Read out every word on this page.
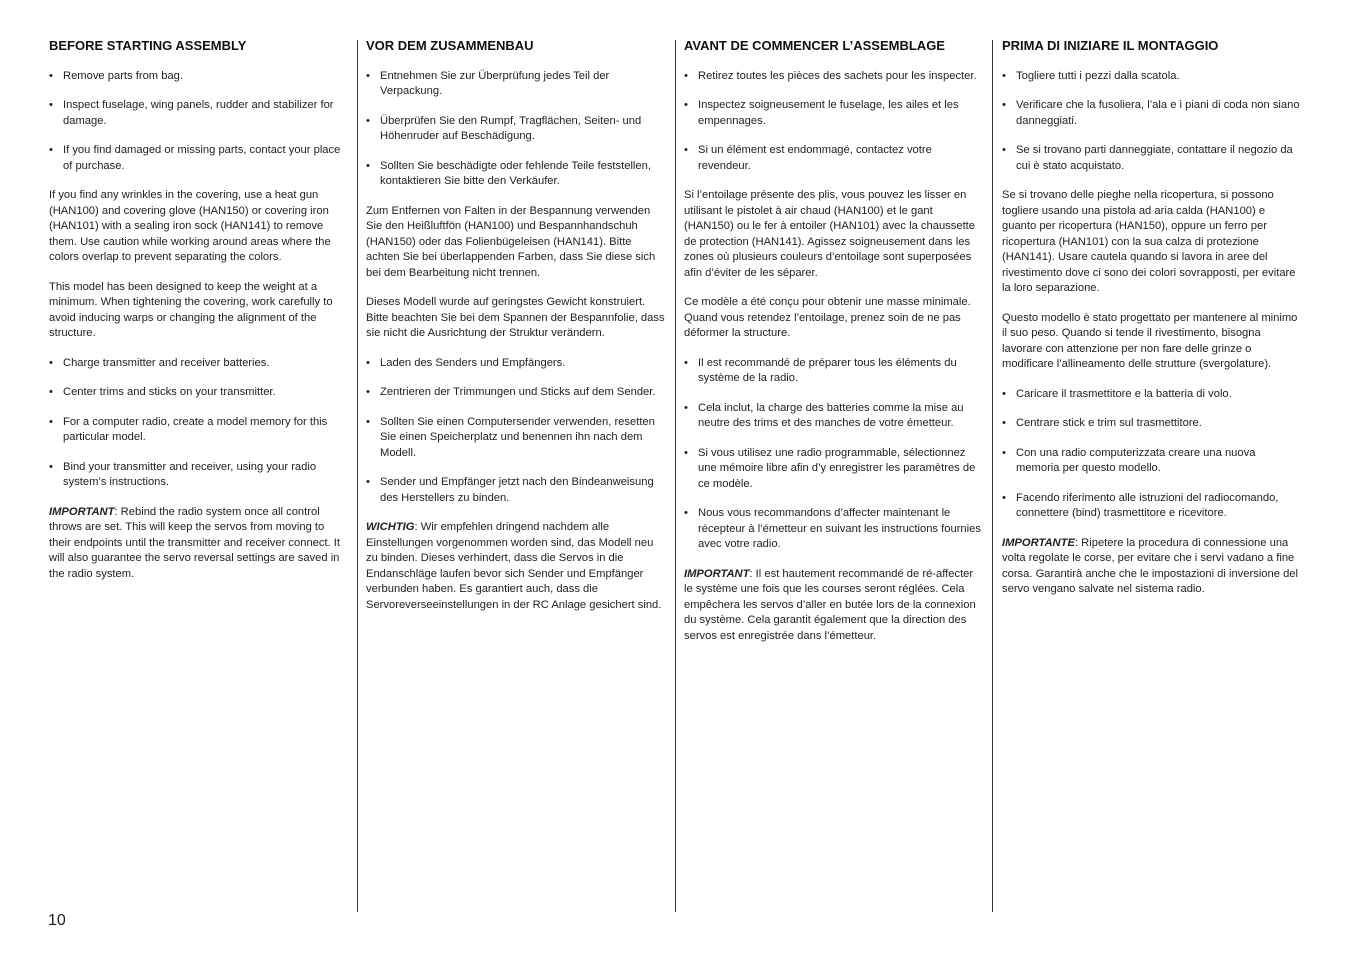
BEFORE STARTING ASSEMBLY
• Remove parts from bag.
• Inspect fuselage, wing panels, rudder and stabilizer for damage.
• If you find damaged or missing parts, contact your place of purchase.

If you find any wrinkles in the covering, use a heat gun (HAN100) and covering glove (HAN150) or covering iron (HAN101) with a sealing iron sock (HAN141) to remove them. Use caution while working around areas where the colors overlap to prevent separating the colors.

This model has been designed to keep the weight at a minimum. When tightening the covering, work carefully to avoid inducing warps or changing the alignment of the structure.

• Charge transmitter and receiver batteries.
• Center trims and sticks on your transmitter.
• For a computer radio, create a model memory for this particular model.
• Bind your transmitter and receiver, using your radio system’s instructions.

IMPORTANT: Rebind the radio system once all control throws are set. This will keep the servos from moving to their endpoints until the transmitter and receiver connect. It will also guarantee the servo reversal settings are saved in the radio system.

VOR DEM ZUSAMMENBAU
• Entnehmen Sie zur Überprüfung jedes Teil der Verpackung.
• Überprüfen Sie den Rumpf, Tragflächen, Seiten- und Höhenruder auf Beschädigung.
• Sollten Sie beschädigte oder fehlende Teile feststellen, kontaktieren Sie bitte den Verkäufer.

Zum Entfernen von Falten in der Bespannung verwenden Sie den Heißluftfön (HAN100) und Bespannhandschuh (HAN150) oder das Folienbügeleisen (HAN141). Bitte achten Sie bei überlappenden Farben, dass Sie diese sich bei dem Bearbeitung nicht trennen.

Dieses Modell wurde auf geringstes Gewicht konstruiert. Bitte beachten Sie bei dem Spannen der Bespannfolie, dass sie nicht die Ausrichtung der Struktur verändern.

• Laden des Senders und Empfängers.
• Zentrieren der Trimmungen und Sticks auf dem Sender.
• Sollten Sie einen Computersender verwenden, resetten Sie einen Speicherplatz und benennen ihn nach dem Modell.
• Sender und Empfänger jetzt nach den Bindeanweisung des Herstellers zu binden.

WICHTIG: Wir empfehlen dringend nachdem alle Einstellungen vorgenommen worden sind, das Modell neu zu binden. Dieses verhindert, dass die Servos in die Endanschläge laufen bevor sich Sender und Empfänger verbunden haben. Es garantiert auch, dass die Servoreverseeinstellungen in der RC Anlage gesichert sind.

AVANT DE COMMENCER L’ASSEMBLAGE
• Retirez toutes les pièces des sachets pour les inspecter.
• Inspectez soigneusement le fuselage, les ailes et les empennages.
• Si un élément est endommagé, contactez votre revendeur.

Si l’entoilage présente des plis, vous pouvez les lisser en utilisant le pistolet à air chaud (HAN100) et le gant (HAN150) ou le fer à entoiler (HAN101) avec la chaussette de protection (HAN141). Agissez soigneusement dans les zones où plusieurs couleurs d’entoilage sont superposées afin d’éviter de les séparer.

Ce modèle a été conçu pour obtenir une masse minimale. Quand vous retendez l’entoilage, prenez soin de ne pas déformer la structure.

• Il est recommandé de préparer tous les éléments du système de la radio.
• Cela inclut, la charge des batteries comme la mise au neutre des trims et des manches de votre émetteur.
• Si vous utilisez une radio programmable, sélectionnez une mémoire libre afin d’y enregistrer les paramètres de ce modèle.
• Nous vous recommandons d’affecter maintenant le récepteur à l’émetteur en suivant les instructions fournies avec votre radio.

IMPORTANT: Il est hautement recommandé de ré-affecter le système une fois que les courses seront réglées. Cela empêchera les servos d’aller en butée lors de la connexion du système. Cela garantit également que la direction des servos est enregistrée dans l’émetteur.

PRIMA DI INIZIARE IL MONTAGGIO
• Togliere tutti i pezzi dalla scatola.
• Verificare che la fusoliera, l’ala e i piani di coda non siano danneggiati.
• Se si trovano parti danneggiate, contattare il negozio da cui è stato acquistato.

Se si trovano delle pieghe nella ricopertura, si possono togliere usando una pistola ad aria calda (HAN100) e guanto per ricopertura (HAN150), oppure un ferro per ricopertura (HAN101) con la sua calza di protezione (HAN141). Usare cautela quando si lavora in aree del rivestimento dove ci sono dei colori sovrapposti, per evitare la loro separazione.

Questo modello è stato progettato per mantenere al minimo il suo peso. Quando si tende il rivestimento, bisogna lavorare con attenzione per non fare delle grinze o modificare l’allineamento delle strutture (svergolature).

• Caricare il trasmettitore e la batteria di volo.
• Centrare stick e trim sul trasmettitore.
• Con una radio computerizzata creare una nuova memoria per questo modello.
• Facendo riferimento alle istruzioni del radiocomando, connettere (bind) trasmettitore e ricevitore.

IMPORTANTE: Ripetere la procedura di connessione una volta regolate le corse, per evitare che i servi vadano a fine corsa. Garantirà anche che le impostazioni di inversione del servo vengano salvate nel sistema radio.

10
